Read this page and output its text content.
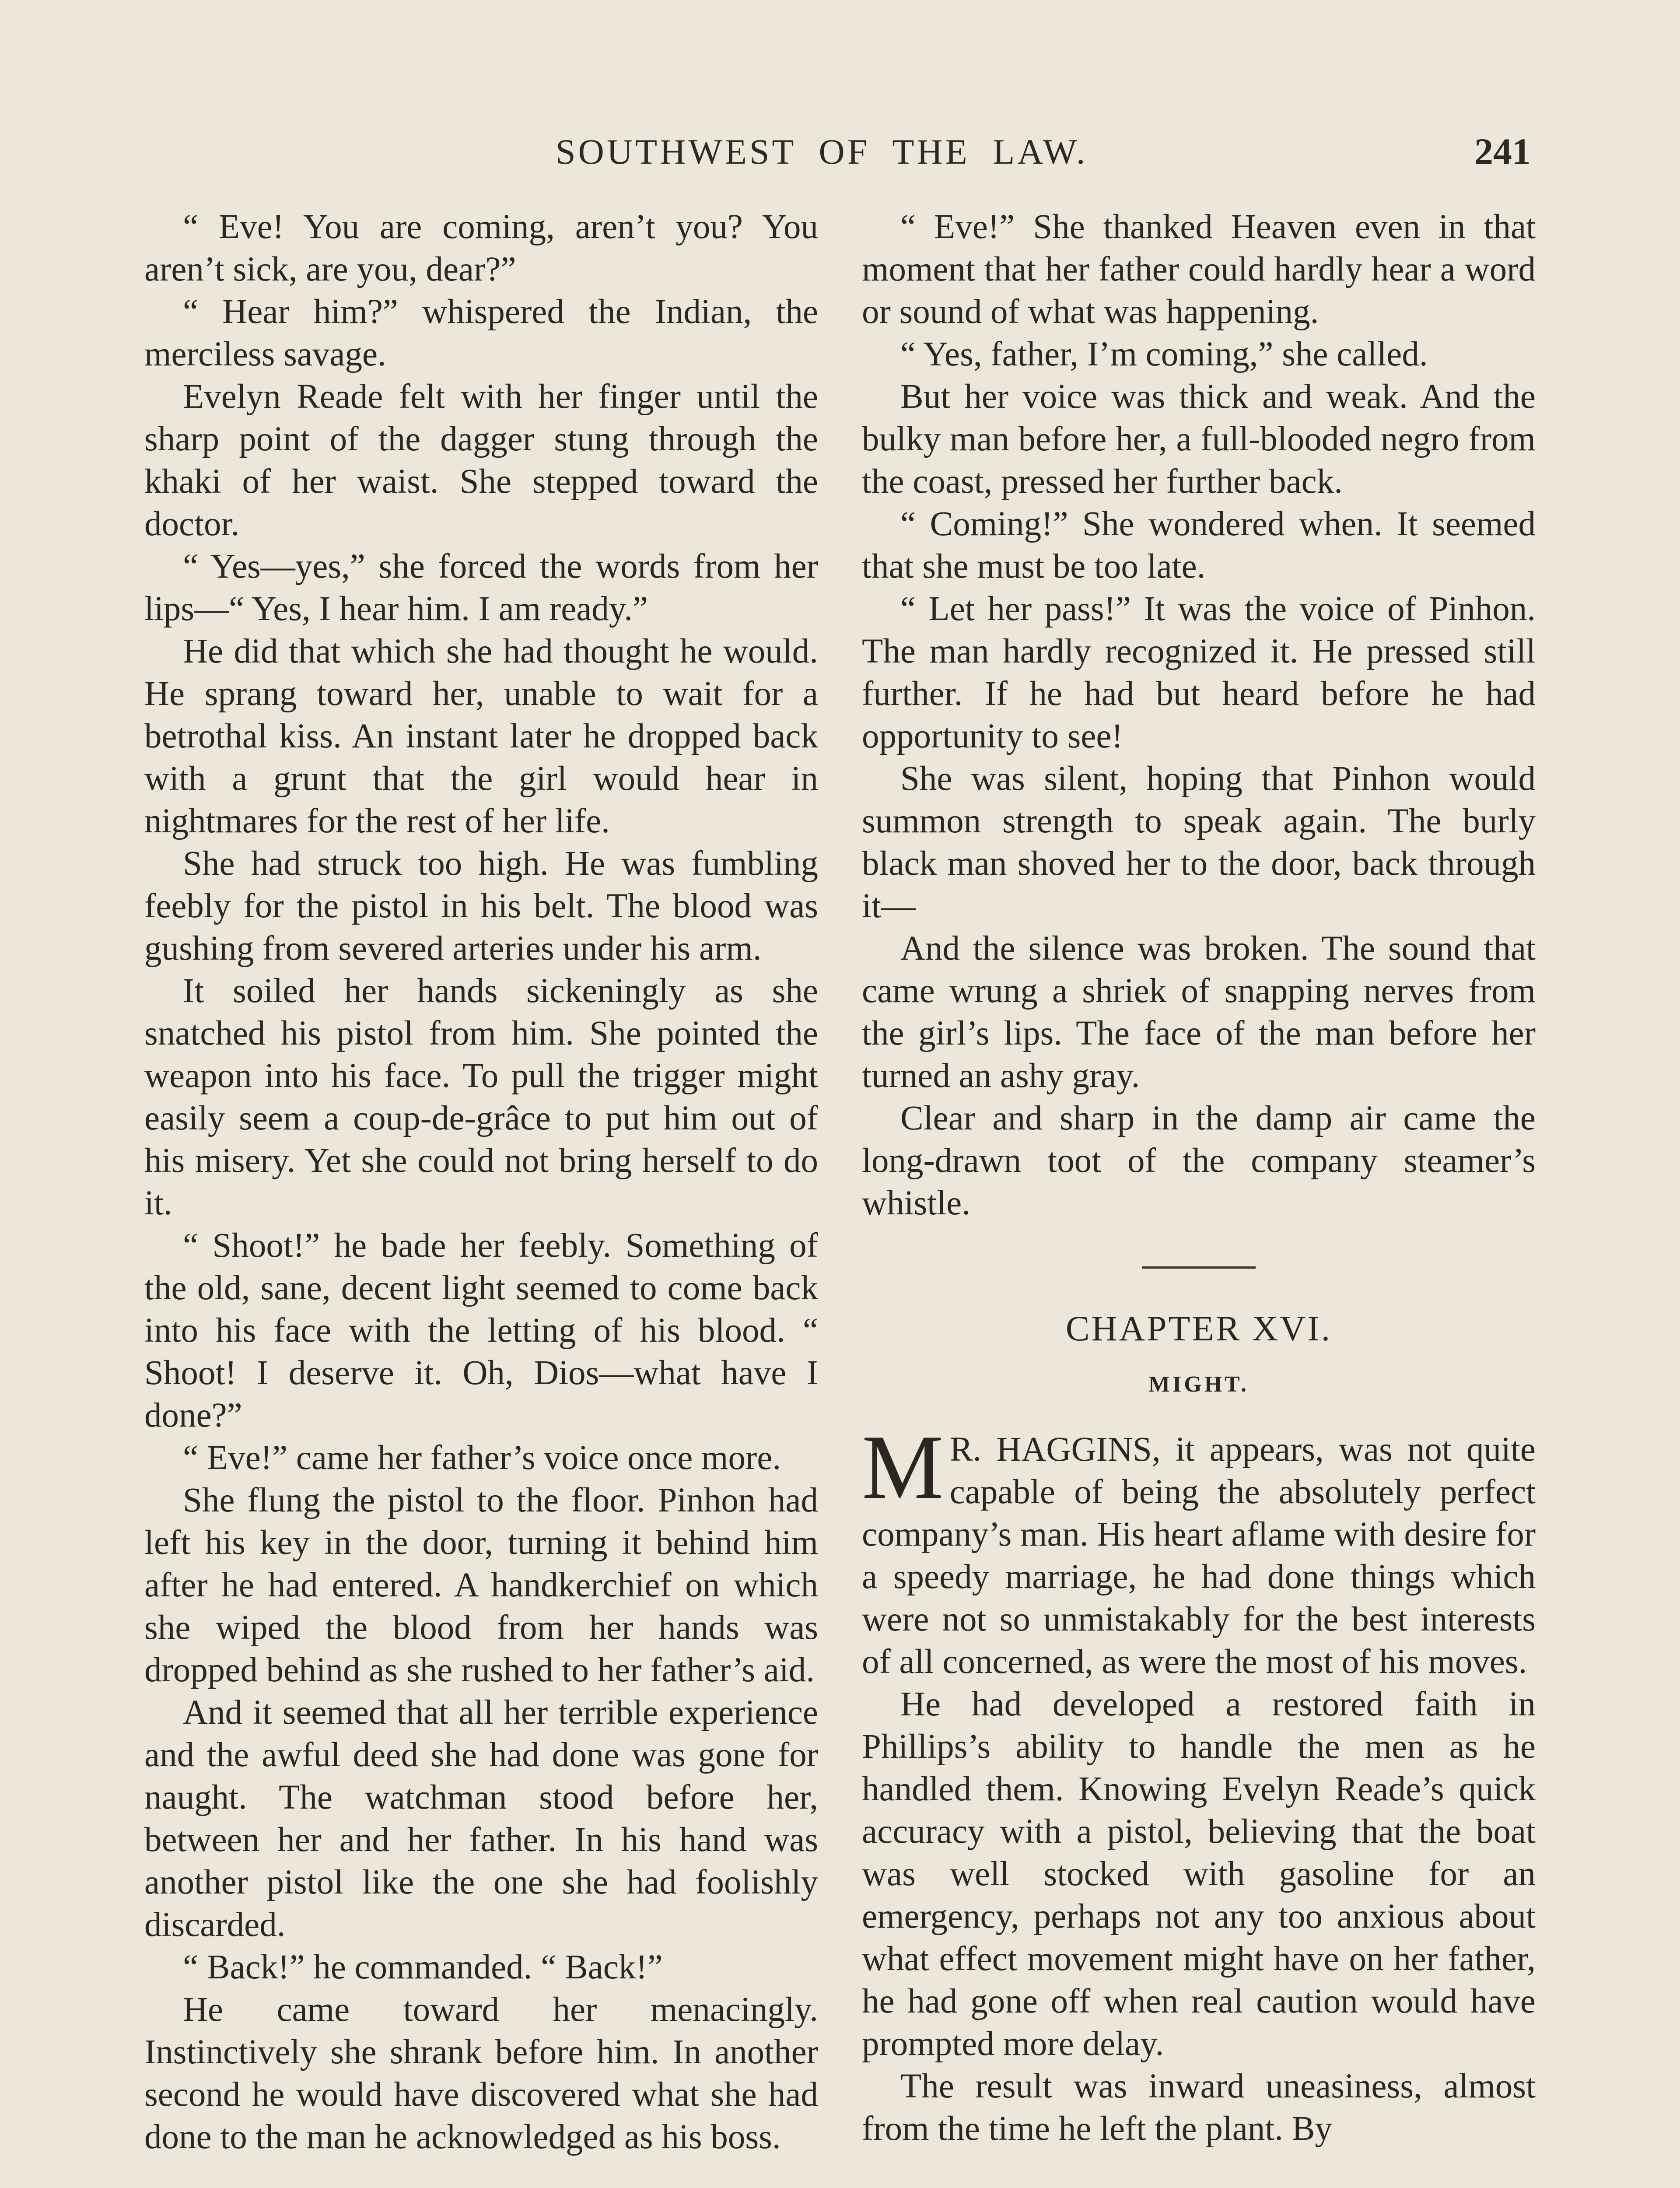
SOUTHWEST OF THE LAW.	241

“ Eve! You are coming, aren’t you? You aren’t sick, are you, dear?”

“ Hear him?” whispered the Indian, the merciless savage.

Evelyn Reade felt with her finger until the sharp point of the dagger stung through the khaki of her waist. She stepped toward the doctor.

“ Yes—yes,” she forced the words from her lips—“ Yes, I hear him. I am ready.”

He did that which she had thought he would. He sprang toward her, unable to wait for a betrothal kiss. An instant later he dropped back with a grunt that the girl would hear in nightmares for the rest of her life.

She had struck too high. He was fumbling feebly for the pistol in his belt. The blood was gushing from severed arteries under his arm.

It soiled her hands sickeningly as she snatched his pistol from him. She pointed the weapon into his face. To pull the trigger might easily seem a coup-de-grâce to put him out of his misery. Yet she could not bring herself to do it.

“ Shoot!” he bade her feebly. Something of the old, sane, decent light seemed to come back into his face with the letting of his blood. “ Shoot! I deserve it. Oh, Dios—what have I done?”

“ Eve!” came her father’s voice once more.

She flung the pistol to the floor. Pinhon had left his key in the door, turning it behind him after he had entered. A handkerchief on which she wiped the blood from her hands was dropped behind as she rushed to her father’s aid.

And it seemed that all her terrible experience and the awful deed she had done was gone for naught. The watchman stood before her, between her and her father. In his hand was another pistol like the one she had foolishly discarded.

“ Back!” he commanded. “ Back!”

He came toward her menacingly. Instinctively she shrank before him. In another second he would have discovered what she had done to the man he acknowledged as his boss.

“ Eve!” She thanked Heaven even in that moment that her father could hardly hear a word or sound of what was happening.

“ Yes, father, I’m coming,” she called.

But her voice was thick and weak. And the bulky man before her, a full-blooded negro from the coast, pressed her further back.

“ Coming!” She wondered when. It seemed that she must be too late.

“ Let her pass!” It was the voice of Pinhon. The man hardly recognized it. He pressed still further. If he had but heard before he had opportunity to see!

She was silent, hoping that Pinhon would summon strength to speak again. The burly black man shoved her to the door, back through it—

And the silence was broken. The sound that came wrung a shriek of snapping nerves from the girl’s lips. The face of the man before her turned an ashy gray.

Clear and sharp in the damp air came the long-drawn toot of the company steamer’s whistle.

CHAPTER XVI.
MIGHT.

M R. HAGGINS, it appears, was not quite capable of being the absolutely perfect company’s man. His heart aflame with desire for a speedy marriage, he had done things which were not so unmistakably for the best interests of all concerned, as were the most of his moves.

He had developed a restored faith in Phillips’s ability to handle the men as he handled them. Knowing Evelyn Reade’s quick accuracy with a pistol, believing that the boat was well stocked with gasoline for an emergency, perhaps not any too anxious about what effect movement might have on her father, he had gone off when real caution would have prompted more delay.

The result was inward uneasiness, almost from the time he left the plant. By
